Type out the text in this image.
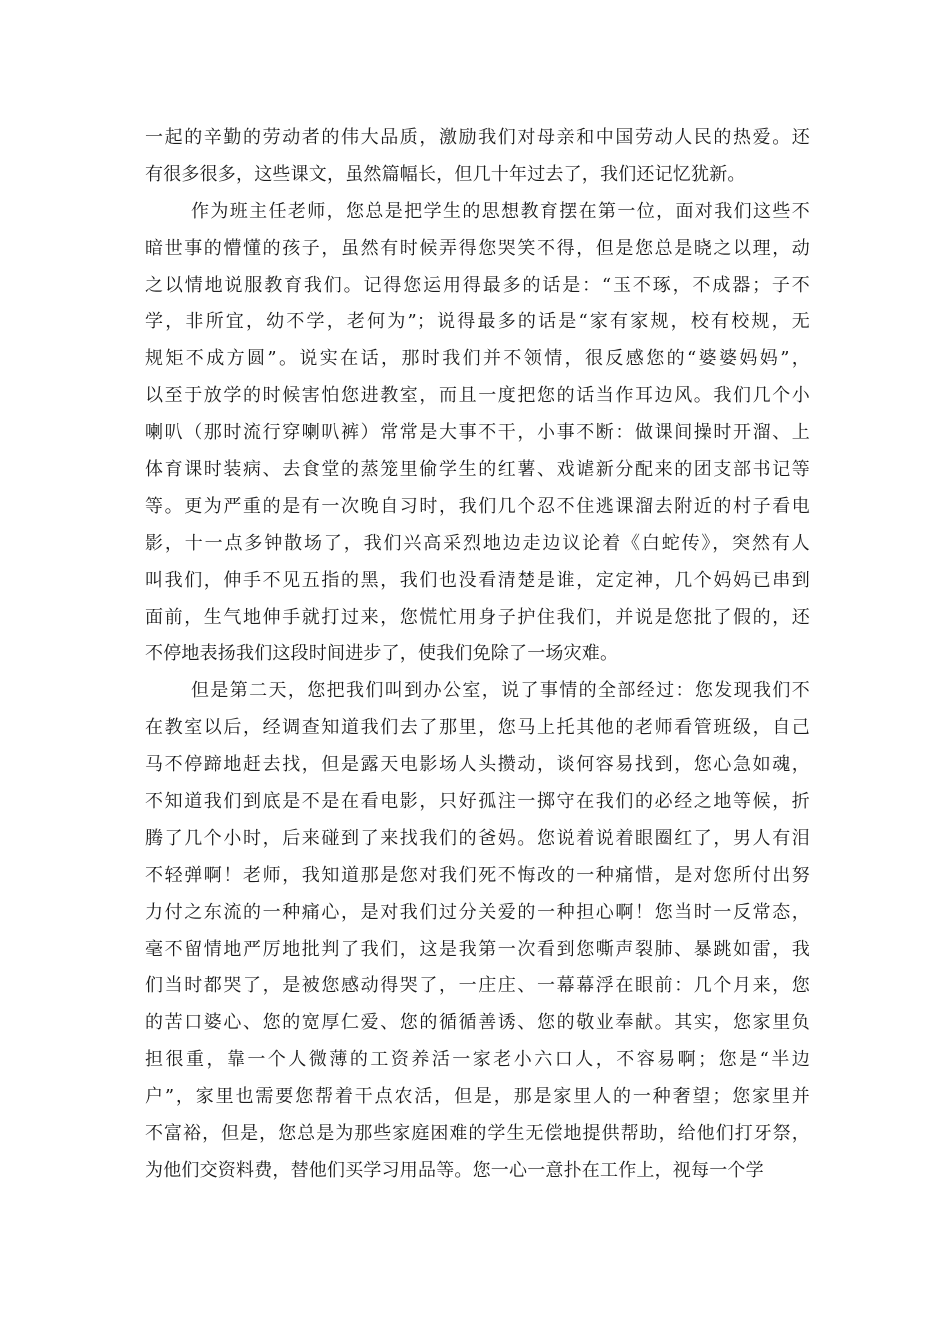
一起的辛勤的劳动者的伟大品质，激励我们对母亲和中国劳动人民的热爱。还
有很多很多，这些课文，虽然篇幅长，但几十年过去了，我们还记忆犹新。
作为班主任老师，您总是把学生的思想教育摆在第一位，面对我们这些不
暗世事的懵懂的孩子，虽然有时候弄得您哭笑不得，但是您总是晓之以理，动
之以情地说服教育我们。记得您运用得最多的话是：“玉不琢，不成器；子不
学，非所宜，幼不学，老何为”；说得最多的话是“家有家规，校有校规，无
规矩不成方圆”。说实在话，那时我们并不领情，很反感您的“婆婆妈妈”，
以至于放学的时候害怕您进教室，而且一度把您的话当作耳边风。我们几个小
喇叭（那时流行穿喇叭裤）常常是大事不干，小事不断：做课间操时开溜、上
体育课时装病、去食堂的蒸笼里偷学生的红薯、戏谑新分配来的团支部书记等
等。更为严重的是有一次晚自习时，我们几个忍不住逃课溜去附近的村子看电
影，十一点多钟散场了，我们兴高采烈地边走边议论着《白蛇传》，突然有人
叫我们，伸手不见五指的黑，我们也没看清楚是谁，定定神，几个妈妈已串到
面前，生气地伸手就打过来，您慌忙用身子护住我们，并说是您批了假的，还
不停地表扬我们这段时间进步了，使我们免除了一场灾难。
但是第二天，您把我们叫到办公室，说了事情的全部经过：您发现我们不
在教室以后，经调查知道我们去了那里，您马上托其他的老师看管班级，自己
马不停蹄地赶去找，但是露天电影场人头攒动，谈何容易找到，您心急如魂，
不知道我们到底是不是在看电影，只好孤注一掷守在我们的必经之地等候，折
腾了几个小时，后来碰到了来找我们的爸妈。您说着说着眼圈红了，男人有泪
不轻弹啊！老师，我知道那是您对我们死不悔改的一种痛惜，是对您所付出努
力付之东流的一种痛心，是对我们过分关爱的一种担心啊！您当时一反常态，
毫不留情地严厉地批判了我们，这是我第一次看到您嘶声裂肺、暴跳如雷，我
们当时都哭了，是被您感动得哭了，一庄庄、一幕幕浮在眼前：几个月来，您
的苦口婆心、您的宽厚仁爱、您的循循善诱、您的敬业奉献。其实，您家里负
担很重，靠一个人微薄的工资养活一家老小六口人，不容易啊；您是“半边
户”，家里也需要您帮着干点农活，但是，那是家里人的一种奢望；您家里并
不富裕，但是，您总是为那些家庭困难的学生无偿地提供帮助，给他们打牙祭，
为他们交资料费，替他们买学习用品等。您一心一意扑在工作上，视每一个学
